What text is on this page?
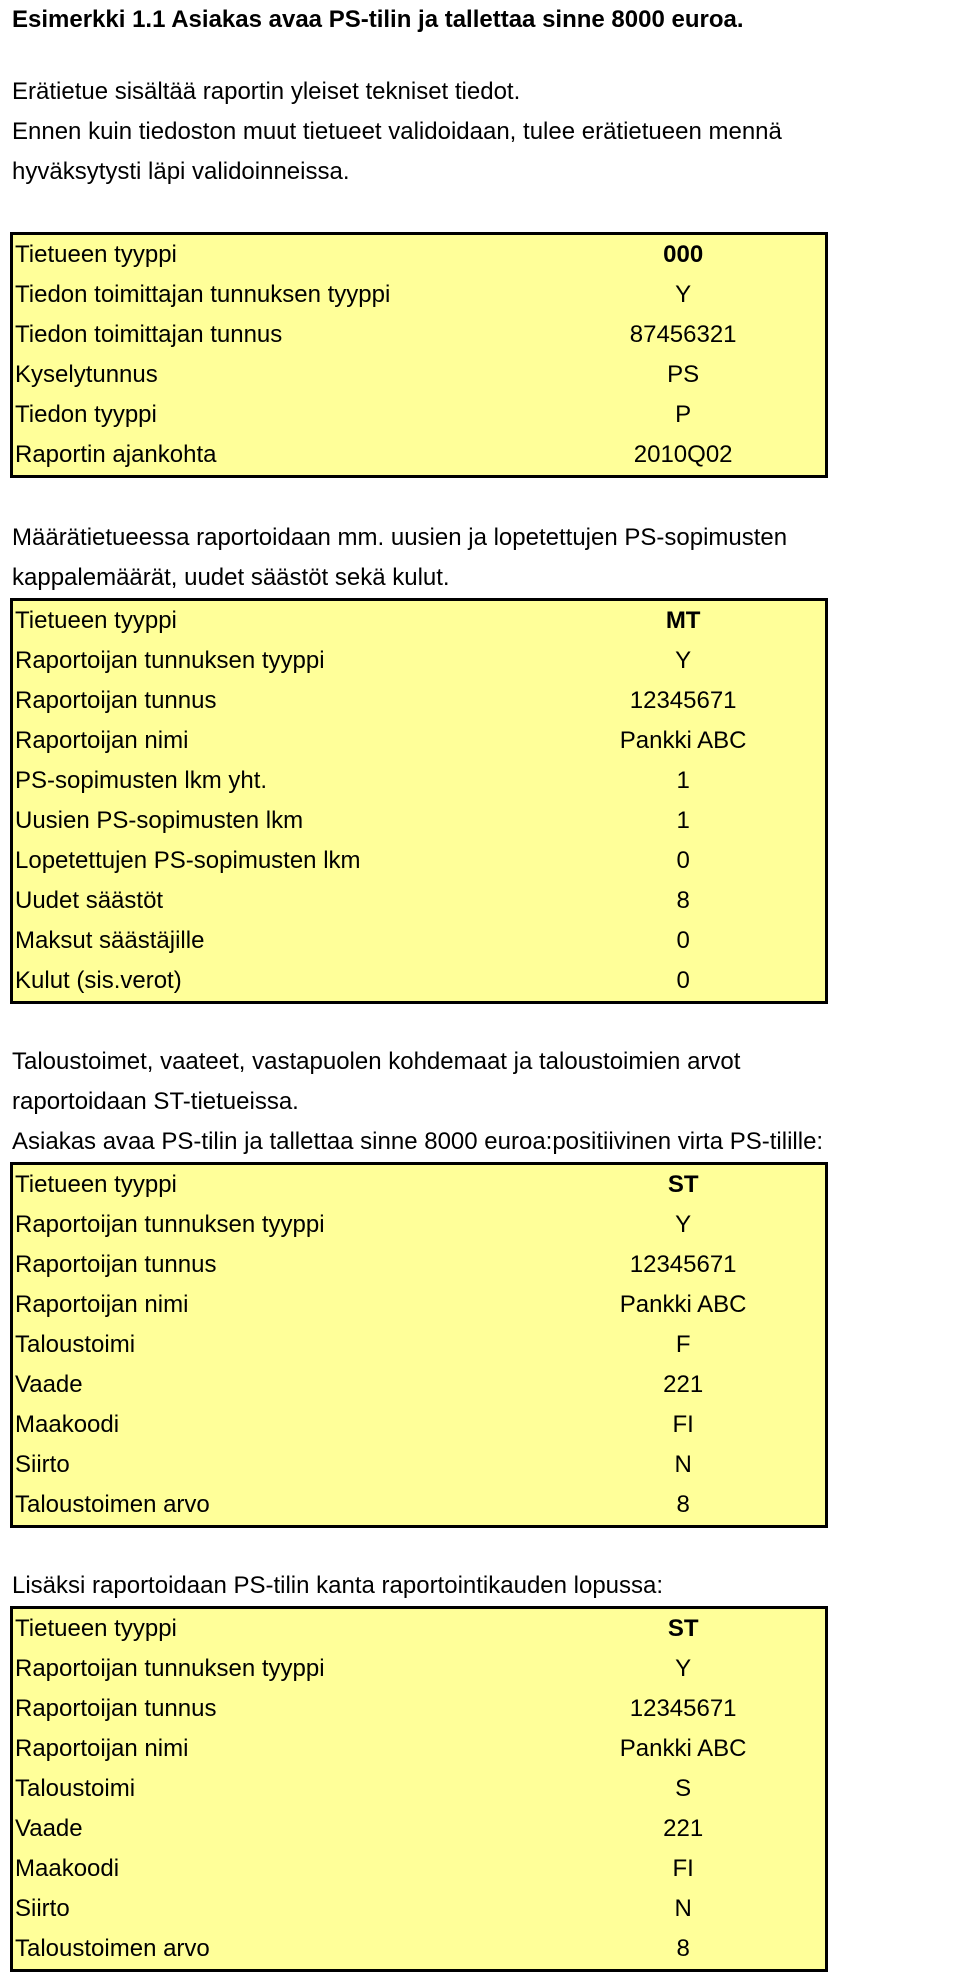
Esimerkki 1.1 Asiakas avaa PS-tilin ja tallettaa sinne 8000 euroa.

Erätietue sisältää raportin yleiset tekniset tiedot.
Ennen kuin tiedoston muut tietueet validoidaan, tulee erätietueen mennä
hyväksytysti läpi validoinneissa.

Tietueen tyyppi	000
Tiedon toimittajan tunnuksen tyyppi	Y
Tiedon toimittajan tunnus	87456321
Kyselytunnus	PS
Tiedon tyyppi	P
Raportin ajankohta	2010Q02

Määrätietueessa raportoidaan mm. uusien ja lopetettujen PS-sopimusten
kappalemäärät, uudet säästöt sekä kulut.

Tietueen tyyppi	MT
Raportoijan tunnuksen tyyppi	Y
Raportoijan tunnus	12345671
Raportoijan nimi	Pankki ABC
PS-sopimusten lkm yht.	1
Uusien PS-sopimusten lkm	1
Lopetettujen PS-sopimusten lkm	0
Uudet säästöt	8
Maksut säästäjille	0
Kulut (sis.verot)	0

Taloustoimet, vaateet, vastapuolen kohdemaat ja taloustoimien arvot
raportoidaan ST-tietueissa.
Asiakas avaa PS-tilin ja tallettaa sinne 8000 euroa:positiivinen virta PS-tilille:

Tietueen tyyppi	ST
Raportoijan tunnuksen tyyppi	Y
Raportoijan tunnus	12345671
Raportoijan nimi	Pankki ABC
Taloustoimi	F
Vaade	221
Maakoodi	FI
Siirto	N
Taloustoimen arvo	8

Lisäksi raportoidaan PS-tilin kanta raportointikauden lopussa:

Tietueen tyyppi	ST
Raportoijan tunnuksen tyyppi	Y
Raportoijan tunnus	12345671
Raportoijan nimi	Pankki ABC
Taloustoimi	S
Vaade	221
Maakoodi	FI
Siirto	N
Taloustoimen arvo	8
